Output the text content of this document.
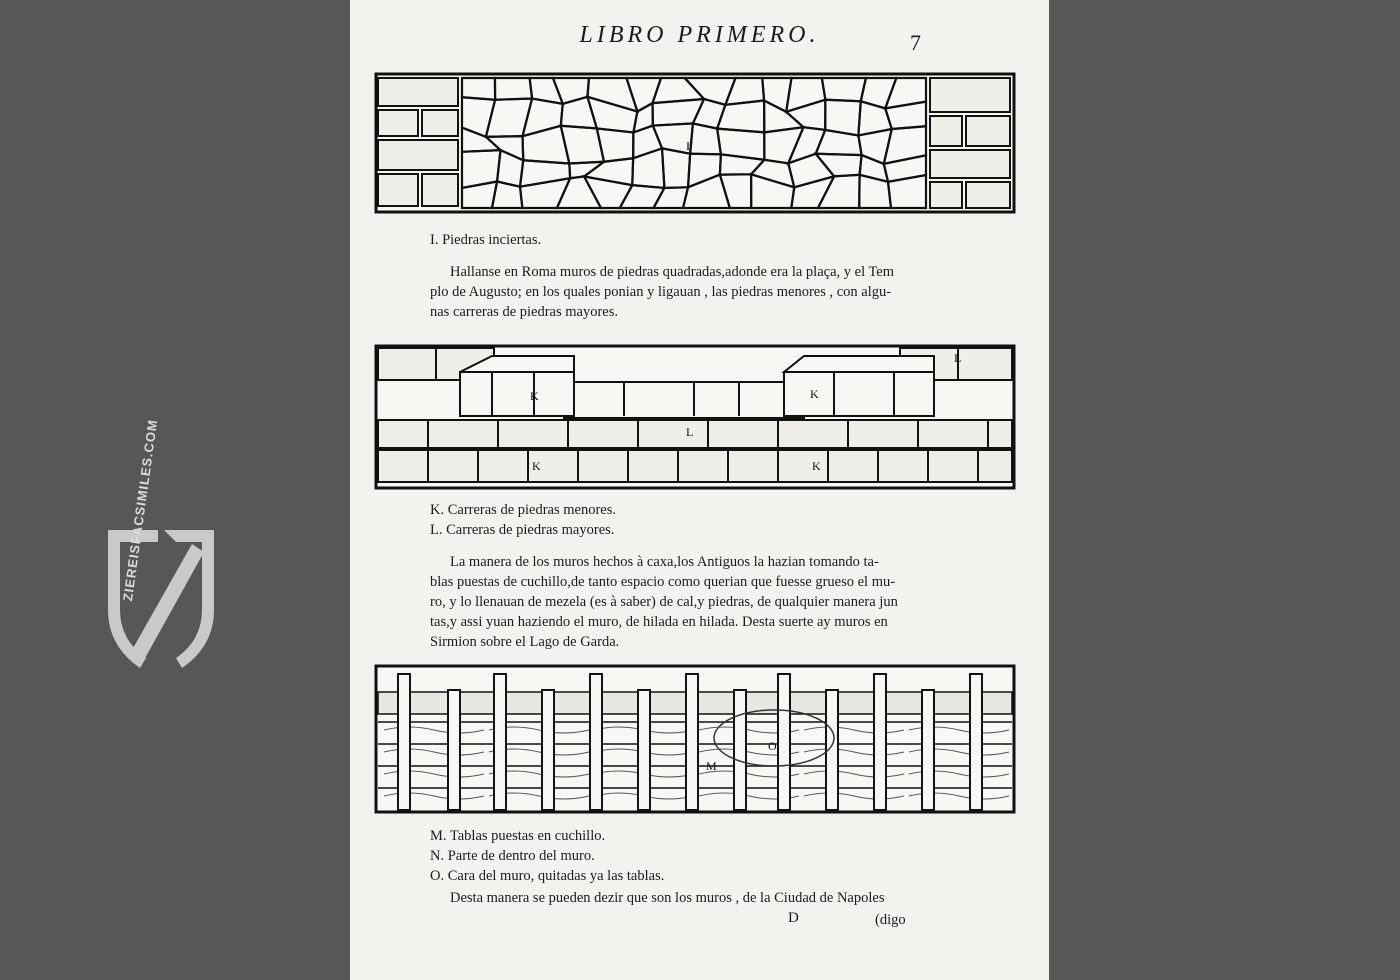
ZIEREISFACSIMILES.COM
LIBRO PRIMERO.	7
I
I. Piedras inciertas.
Hallanse en Roma muros de piedras quadradas,adonde era la plaça, y el Tem
plo de Augusto; en los quales ponian y ligauan , las piedras menores , con algu-
nas carreras de piedras mayores.
K	K
L
K	K
L
K. Carreras de piedras menores.
L. Carreras de piedras mayores.
La manera de los muros hechos à caxa,los Antiguos la hazian tomando ta-
blas puestas de cuchillo,de tanto espacio como querian que fuesse grueso el mu-
ro, y lo llenauan de mezela (es à saber) de cal,y piedras, de qualquier manera jun
tas,y assi yuan haziendo el muro, de hilada en hilada. Desta suerte ay muros en
Sirmion sobre el Lago de Garda.
O
M
M. Tablas puestas en cuchillo.
N. Parte de dentro del muro.
O. Cara del muro, quitadas ya las tablas.
Desta manera se pueden dezir que son los muros , de la Ciudad de Napoles
D	(digo
